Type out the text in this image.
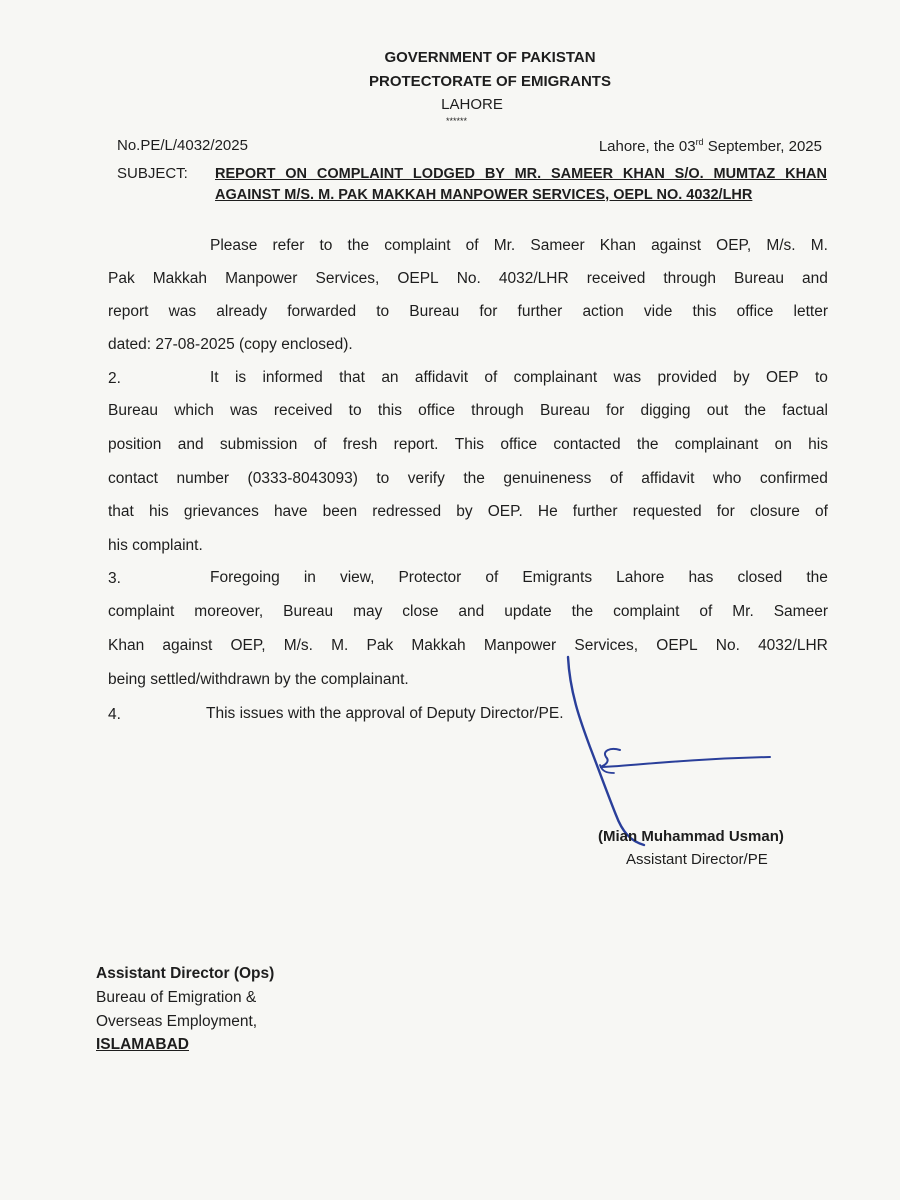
GOVERNMENT OF PAKISTAN
PROTECTORATE OF EMIGRANTS
LAHORE
******
No.PE/L/4032/2025	Lahore, the 03rd September, 2025
SUBJECT: REPORT ON COMPLAINT LODGED BY MR. SAMEER KHAN S/O. MUMTAZ KHAN AGAINST M/S. M. PAK MAKKAH MANPOWER SERVICES, OEPL NO. 4032/LHR
Please refer to the complaint of Mr. Sameer Khan against OEP, M/s. M.
Pak Makkah Manpower Services, OEPL No. 4032/LHR received through Bureau and
report was already forwarded to Bureau for further action vide this office letter
dated: 27-08-2025 (copy enclosed).
2.	It is informed that an affidavit of complainant was provided by OEP to
Bureau which was received to this office through Bureau for digging out the factual
position and submission of fresh report. This office contacted the complainant on his
contact number (0333-8043093) to verify the genuineness of affidavit who confirmed
that his grievances have been redressed by OEP. He further requested for closure of
his complaint.
3.	Foregoing in view, Protector of Emigrants Lahore has closed the
complaint moreover, Bureau may close and update the complaint of Mr. Sameer
Khan against OEP, M/s. M. Pak Makkah Manpower Services, OEPL No. 4032/LHR
being settled/withdrawn by the complainant.
4.	This issues with the approval of Deputy Director/PE.
(Mian Muhammad Usman)
Assistant Director/PE
Assistant Director (Ops)
Bureau of Emigration &
Overseas Employment,
ISLAMABAD
